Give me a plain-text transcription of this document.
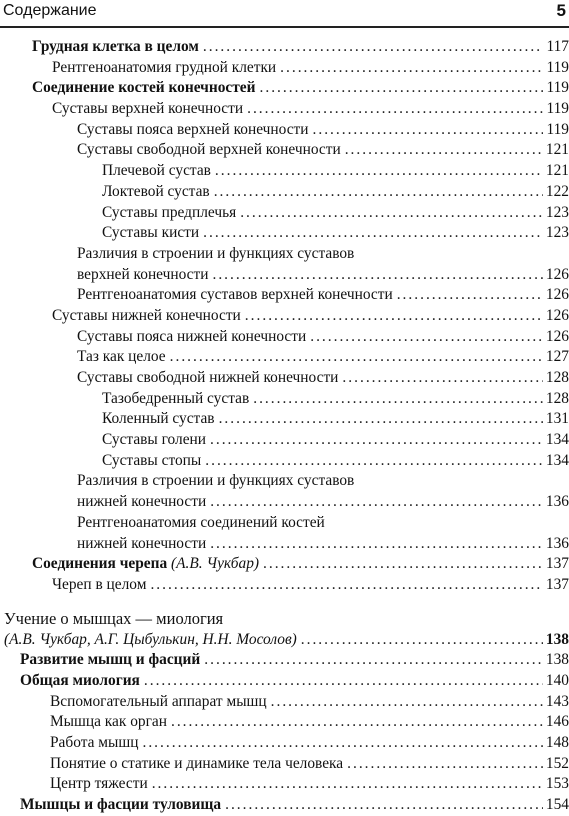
Содержание	5
Грудная клетка в целом .....	117
Рентгеноанатомия грудной клетки .....	119
Соединение костей конечностей .....	119
Суставы верхней конечности .....	119
Суставы пояса верхней конечности .....	119
Суставы свободной верхней конечности .....	121
Плечевой сустав .....	121
Локтевой сустав .....	122
Суставы предплечья .....	123
Суставы кисти .....	123
Различия в строении и функциях суставов
верхней конечности .....	126
Рентгеноанатомия суставов верхней конечности .....	126
Суставы нижней конечности .....	126
Суставы пояса нижней конечности .....	126
Таз как целое .....	127
Суставы свободной нижней конечности .....	128
Тазобедренный сустав .....	128
Коленный сустав .....	131
Суставы голени .....	134
Суставы стопы .....	134
Различия в строении и функциях суставов
нижней конечности .....	136
Рентгеноанатомия соединений костей
нижней конечности .....	136
Соединения черепа (А.В. Чукбар) .....	137
Череп в целом .....	137
Учение о мышцах — миология
(А.В. Чукбар, А.Г. Цыбулькин, Н.Н. Мосолов) .....	138
Развитие мышц и фасций .....	138
Общая миология .....	140
Вспомогательный аппарат мышц .....	143
Мышца как орган .....	146
Работа мышц .....	148
Понятие о статике и динамике тела человека .....	152
Центр тяжести .....	153
Мышцы и фасции туловища .....	154
